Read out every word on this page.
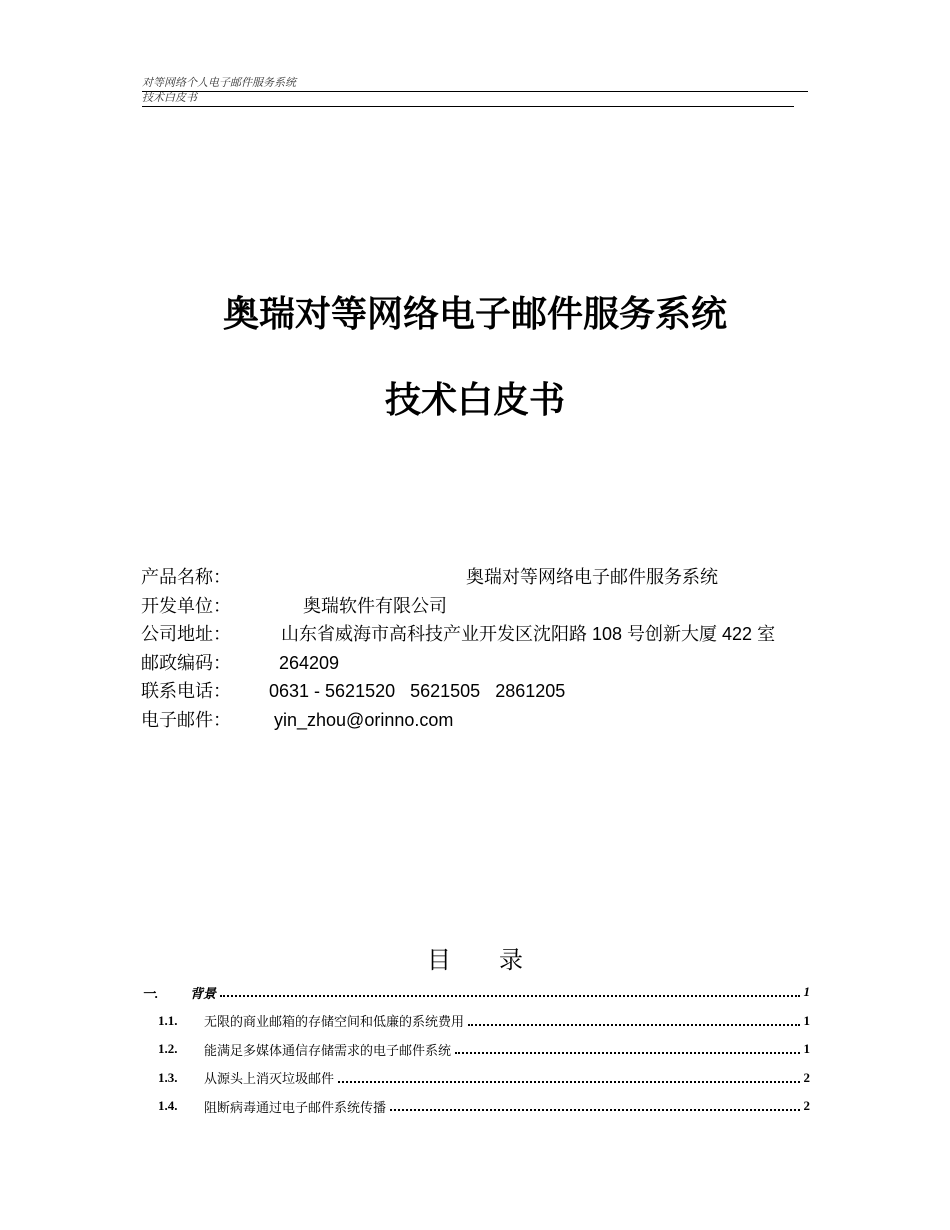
对等网络个人电子邮件服务系统
技术白皮书
奥瑞对等网络电子邮件服务系统
技术白皮书
产品名称：	奥瑞对等网络电子邮件服务系统
开发单位：	奥瑞软件有限公司
公司地址：	山东省威海市高科技产业开发区沈阳路 108 号创新大厦 422 室
邮政编码：	264209
联系电话： 0631 - 5621520   5621505   2861205
电子邮件： yin_zhou@orinno.com
目 录
一.	背景	1
1.1.	无限的商业邮箱的存储空间和低廉的系统费用	1
1.2.	能满足多媒体通信存储需求的电子邮件系统	1
1.3.	从源头上消灭垃圾邮件	2
1.4.	阻断病毒通过电子邮件系统传播	2
